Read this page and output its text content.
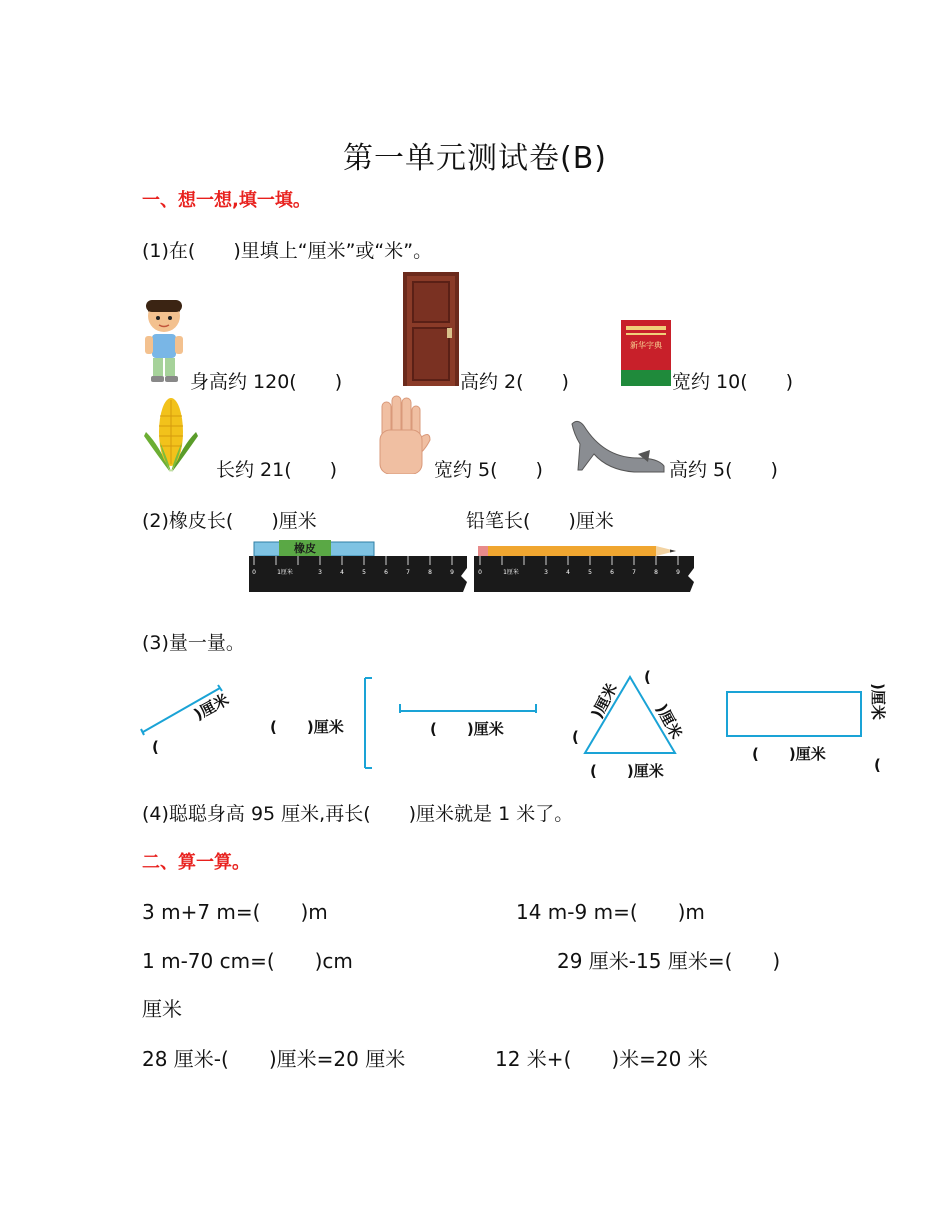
第一单元测试卷(B)
一、想一想,填一填。
(1)在(　　)里填上“厘米”或“米”。
身高约 120(　　)	高约 2(　　)
新华字典
宽约 10(　　)
长约 21(　　)	宽约 5(　　)	高约 5(　　)
(2)橡皮长(　　)厘米	铅笔长(　　)厘米
橡皮
0	1厘米	3	4	5	6	7	8	9	0	1厘米	3	4	5	6	7	8	9
(3)量一量。
(
)厘米
(　　)厘米	(　　)厘米
)厘米
(
(
)厘米
(　　)厘米
(　　)厘米
)厘米
(
(4)聪聪身高 95 厘米,再长(　　)厘米就是 1 米了。
二、算一算。
3 m+7 m=(　　)m	14 m-9 m=(　　)m
1 m-70 cm=(　　)cm	29 厘米-15 厘米=(　　)
厘米
28 厘米-(　　)厘米=20 厘米	12 米+(　　)米=20 米
